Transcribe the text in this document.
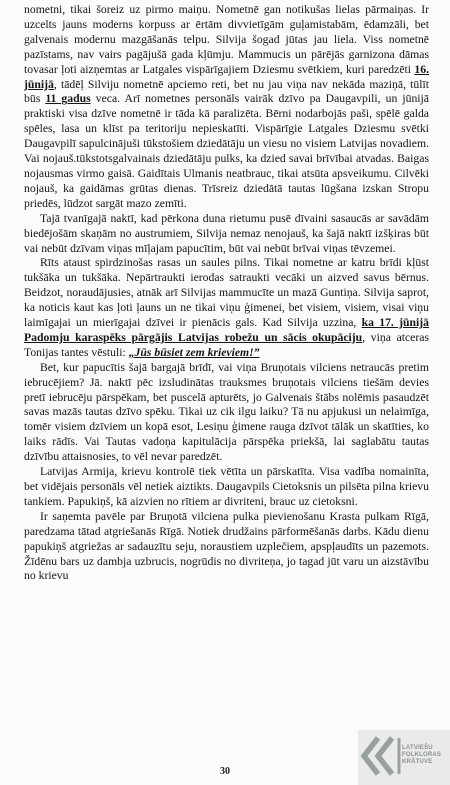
nometni, tikai šoreiz uz pirmo maiņu. Nometnē gan notikušas lielas pārmaiņas. Ir uzcelts jauns moderns korpuss ar ērtām divvietīgām guļamistabām, ēdamzāli, bet galvenais modernu mazgāšanās telpu. Silvija šogad jūtas jau liela. Viss nometnē pazīstams, nav vairs pagājušā gada kļūmju. Mammucis un pārējās garnizona dāmas tovasar ļoti aizņemtas ar Latgales vispārīgajiem Dziesmu svētkiem, kuri paredzēti 16. jūnijā, tādēļ Silviju nometnē apciemo reti, bet nu jau viņa nav nekāda maziņā, tūlīt būs 11 gadus veca. Arī nometnes personāls vairāk dzīvo pa Daugavpili, un jūnijā praktiski visa dzīve nometnē ir tāda kā paralizēta. Bērni nodarbojās paši, spēlē galda spēles, lasa un klīst pa teritoriju nepieskatīti. Vispārīgie Latgales Dziesmu svētki Daugavpilī sapulcinājuši tūkstošiem dziedātāju un viesu no visiem Latvijas novadiem. Vai nojauš.tūkstotsgalvainais dziedātāju pulks, ka dzied savai brīvībai atvadas. Baigas nojausmas virmo gaisā. Gaidītais Ulmanis neatbrauc, tikai atsūta apsveikumu. Cilvēki nojauš, ka gaidāmas grūtas dienas. Trīsreiz dziedātā tautas lūgšana izskan Stropu priedēs, lūdzot sargāt mazo zemīti.

Tajā tvanīgajā naktī, kad pērkona duna rietumu pusē dīvaini sasaucās ar savādām biedējošām skaņām no austrumiem, Silvija nemaz nenojauš, ka šajā naktī izšķiras būt vai nebūt dzīvam viņas mīļajam papucītim, būt vai nebūt brīvai viņas tēvzemei.

Rīts ataust spirdzinošas rasas un saules pilns. Tikai nometne ar katru brīdi kļūst tukšāka un tukšāka. Nepārtraukti ierodas satraukti vecāki un aizved savus bērnus. Beidzot, noraudājusies, atnāk arī Silvijas mammucīte un mazā Guntiņa. Silvija saprot, ka noticis kaut kas ļoti ļauns un ne tikai viņu ģimenei, bet visiem, visiem, visai viņu laimīgajai un mierīgajai dzīvei ir pienācis gals. Kad Silvija uzzina, ka 17. jūnijā Padomju karaspēks pārgājis Latvijas robežu un sācis okupāciju, viņa atceras Tonijas tantes vēstuli: „Jūs būsiet zem krieviem!”

Bet, kur papucītis šajā bargajā brīdī, vai viņa Bruņotais vilciens netraucās pretim iebrucējiem? Jā. naktī pēc izsludinātas trauksmes bruņotais vilciens tiešām devies pretī iebrucēju pārspēkam, bet puscelā apturēts, jo Galvenais štābs nolēmis pasaudzēt savas mazās tautas dzīvo spēku. Tikai uz cik ilgu laiku? Tā nu apjukusi un nelaimīga, tomēr visiem dzīviem un kopā esot, Lesiņu ģimene rauga dzīvot tālāk un skatīties, ko laiks rādīs. Vai Tautas vadoņa kapitulācija pārspēka priekšā, lai saglabātu tautas dzīvību attaisnosies, to vēl nevar paredzēt.

Latvijas Armija, krievu kontrolē tiek vētīta un pārskatīta. Visa vadība nomainīta, bet vidējais personāls vēl netiek aiztikts. Daugavpils Cietoksnis un pilsēta pilna krievu tankiem. Papukiņš, kā aizvien no rītiem ar divriteni, brauc uz cietoksni.

Ir saņemta pavēle par Bruņotā vilciena pulka pievienošanu Krasta pulkam Rīgā, paredzama tātad atgriešanās Rīgā. Notiek drudžains pārformēšanās darbs. Kādu dienu papukiņš atgriežas ar sadauzītu seju, noraustiem uzplečiem, apspļaudīts un pazemots. Žīdēnu bars uz dambja uzbrucis, nogrūdis no divriteņa, jo tagad jūt varu un aizstāvību no krievu

30
LATVIEŠU
FOLKLORAS
KRĀTUVE
